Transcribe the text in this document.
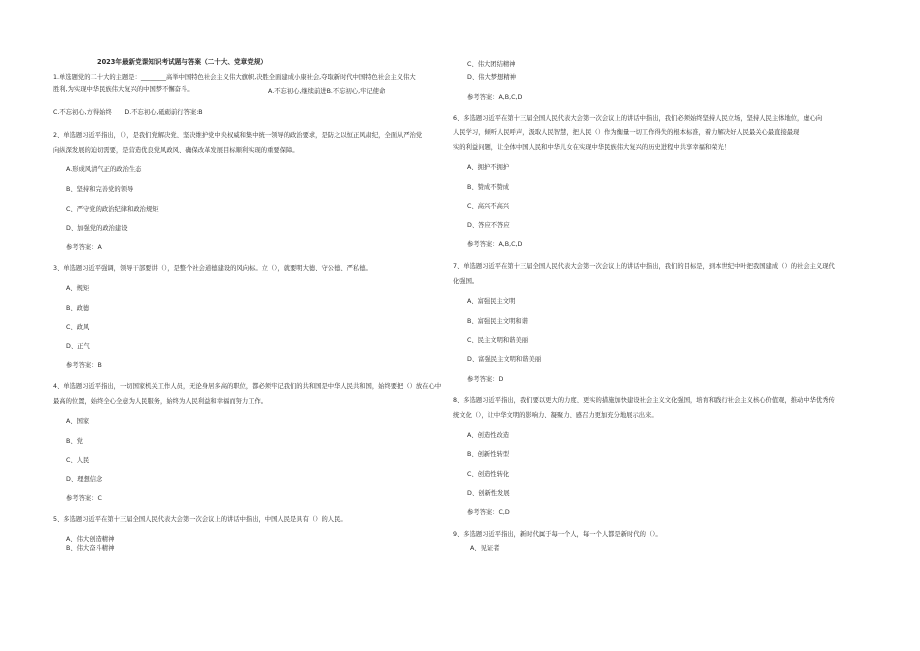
2023年最新党课知识考试题与答案（二十大、党章党规）
1.单选题党的二十大的主题是：________高举中国特色社会主义伟大旗帜,决胜全面建成小康社会,夺取新时代中国特色社会主义伟大
胜利,为实现中华民族伟大复兴的中国梦不懈奋斗。	A.不忘初心,继续前进B.不忘初心,牢记使命
C.不忘初心,方得始终　　D.不忘初心,砥砺前行答案:B
2、单选题习近平指出，（），是我们党解决党、坚决维护党中央权威和集中统一领导的政治要求，是防之以恒正风肃纪，全面从严治党
向纵深发展的迫切需要，是营造优良党风政风、确保改革发展目标顺利实现的重要保障。
A.形成风清气正的政治生态
B、坚持和完善党的领导
C、严守党的政治纪律和政治规矩
D、加强党的政治建设
参考答案：A
3、单选题习近平强调，领导干部要讲（），是整个社会道德建设的风向标。立（），就要明大德、守公德、严私德。
A、规矩
B、政德
C、政风
D、正气
参考答案：B
4、单选题习近平指出，一切国家机关工作人员，无论身居多高的职位，都必须牢记我们的共和国是中华人民共和国，始终要把（）放在心中
最高的位置，始终全心全意为人民服务，始终为人民利益和幸福而努力工作。
A、国家
B、党
C、人民
D、理想信念
参考答案：C
5、多选题习近平在第十三届全国人民代表大会第一次会议上的讲话中指出，中国人民是具有（）的人民。
A、伟大创造精神
B、伟大奋斗精神
C、伟大团结精神
D、伟大梦想精神
参考答案：A,B,C,D
6、多选题习近平在第十三届全国人民代表大会第一次会议上的讲话中指出，我们必须始终坚持人民立场，坚持人民主体地位，虚心向
人民学习，倾听人民呼声，汲取人民智慧，把人民（）作为衡量一切工作得失的根本标准，着力解决好人民最关心最直接最现
实的利益问题，让全体中国人民和中华儿女在实现中华民族伟大复兴的历史进程中共享幸福和荣光！
A、拥护不拥护
B、赞成不赞成
C、高兴不高兴
D、答应不答应
参考答案：A,B,C,D
7、单选题习近平在第十三届全国人民代表大会第一次会议上的讲话中指出，我们的目标是，到本世纪中叶把我国建成（）的社会主义现代
化强国。
A、富强民主文明
B、富强民主文明和谐
C、民主文明和谐美丽
D、富强民主文明和谐美丽
参考答案：D
8、多选题习近平指出，我们要以更大的力度、更实的措施加快建设社会主义文化强国，培育和践行社会主义核心价值观，推动中华优秀传
统文化（），让中华文明的影响力、凝聚力、感召力更加充分地展示出来。
A、创造性改造
B、创新性转型
C、创造性转化
D、创新性发展
参考答案：C,D
9、多选题习近平指出，新时代属于每一个人，每一个人都是新时代的（）。
A、见证者
